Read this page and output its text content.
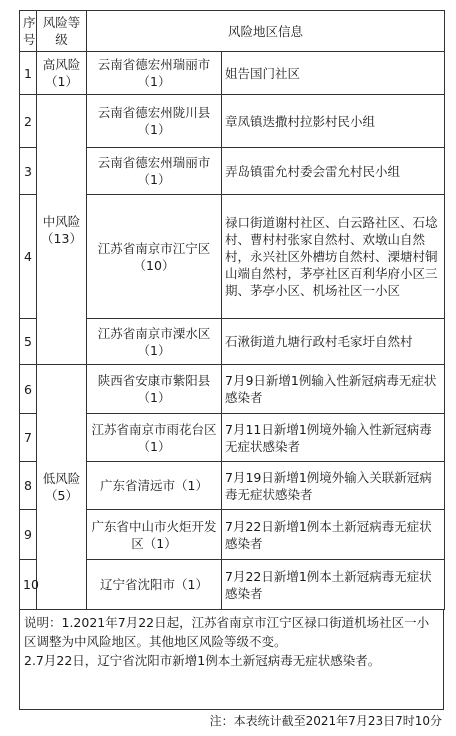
序号	风险等级	风险地区信息	
1	高风险（1）	云南省德宏州瑞丽市（1）	姐告国门社区
2	中风险（13）	云南省德宏州陇川县（1）	章凤镇迭撒村拉影村民小组
3		云南省德宏州瑞丽市（1）	弄岛镇雷允村委会雷允村民小组
4		江苏省南京市江宁区（10）	禄口街道谢村社区、白云路社区、石埝村、曹村村张家自然村、欢墩山自然村，永兴社区外槽坊自然村、溧塘村铜山端自然村，茅亭社区百利华府小区三期、茅亭小区、机场社区一小区
5		江苏省南京市溧水区（1）	石湫街道九塘行政村毛家圩自然村
6	低风险（5）	陕西省安康市紫阳县（1）	7月9日新增1例输入性新冠病毒无症状感染者
7		江苏省南京市雨花台区（1）	7月11日新增1例境外输入性新冠病毒无症状感染者
8		广东省清远市（1）	7月19日新增1例境外输入关联新冠病毒无症状感染者
9		广东省中山市火炬开发区（1）	7月22日新增1例本土新冠病毒无症状感染者
10		辽宁省沈阳市（1）	7月22日新增1例本土新冠病毒无症状感染者
说明：1.2021年7月22日起，江苏省南京市江宁区禄口街道机场社区一小区调整为中风险地区。其他地区风险等级不变。
2.7月22日，辽宁省沈阳市新增1例本土新冠病毒无症状感染者。
注：本表统计截至2021年7月23日7时10分
